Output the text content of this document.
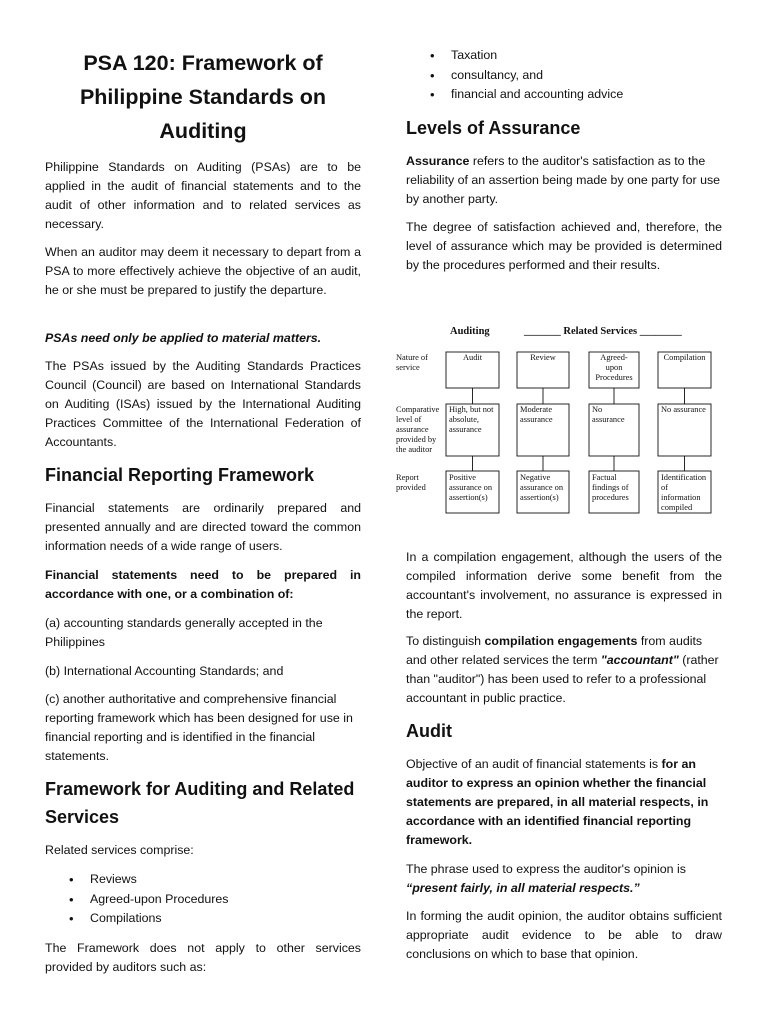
PSA 120: Framework of Philippine Standards on Auditing

Philippine Standards on Auditing (PSAs) are to be applied in the audit of financial statements and to the audit of other information and to related services as necessary.

When an auditor may deem it necessary to depart from a PSA to more effectively achieve the objective of an audit, he or she must be prepared to justify the departure.

PSAs need only be applied to material matters.

The PSAs issued by the Auditing Standards Practices Council (Council) are based on International Standards on Auditing (ISAs) issued by the International Auditing Practices Committee of the International Federation of Accountants.

Financial Reporting Framework

Financial statements are ordinarily prepared and presented annually and are directed toward the common information needs of a wide range of users.

Financial statements need to be prepared in accordance with one, or a combination of:

(a) accounting standards generally accepted in the Philippines

(b) International Accounting Standards; and

(c) another authoritative and comprehensive financial reporting framework which has been designed for use in financial reporting and is identified in the financial statements.

Framework for Auditing and Related Services

Related services comprise:

• Reviews
• Agreed-upon Procedures
• Compilations

The Framework does not apply to other services provided by auditors such as:

• Taxation
• consultancy, and
• financial and accounting advice
Levels of Assurance

Assurance refers to the auditor's satisfaction as to the reliability of an assertion being made by one party for use by another party.

The degree of satisfaction achieved and, therefore, the level of assurance which may be provided is determined by the procedures performed and their results.

Auditing	_______ Related Services ________
Nature of
service
Comparative
level of
assurance
provided by
the auditor
Report
provided
Audit
High, but not
absolute,
assurance
Positive
assurance on
assertion(s)
Review
Moderate
assurance
Negative
assurance on
assertion(s)
Agreed-
upon
Procedures
No
assurance
Factual
findings of
procedures
Compilation
No assurance
Identification
of
information
compiled

In a compilation engagement, although the users of the compiled information derive some benefit from the accountant's involvement, no assurance is expressed in the report.

To distinguish compilation engagements from audits and other related services the term "accountant" (rather than "auditor") has been used to refer to a professional accountant in public practice.

Audit

Objective of an audit of financial statements is for an auditor to express an opinion whether the financial statements are prepared, in all material respects, in accordance with an identified financial reporting framework.

The phrase used to express the auditor's opinion is “present fairly, in all material respects.”

In forming the audit opinion, the auditor obtains sufficient appropriate audit evidence to be able to draw conclusions on which to base that opinion.
